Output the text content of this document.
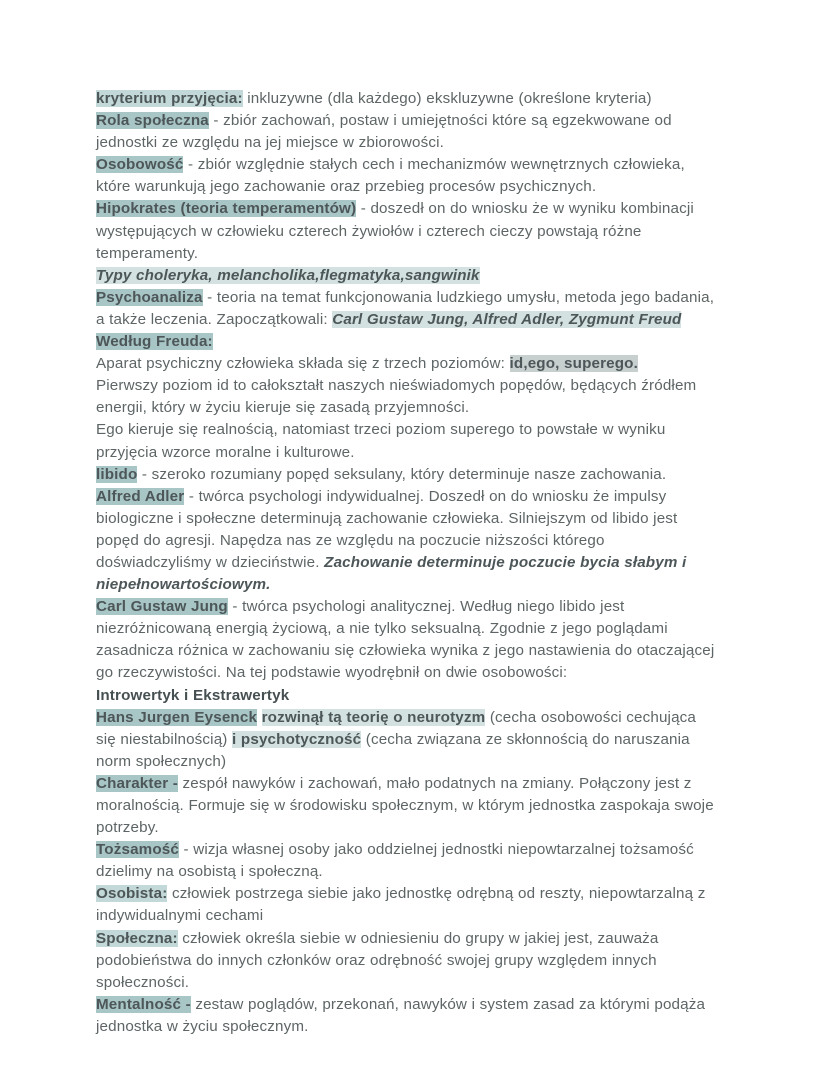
kryterium przyjęcia: inkluzywne (dla każdego) ekskluzywne (określone kryteria)

Rola społeczna - zbiór zachowań, postaw i umiejętności które są egzekwowane od jednostki ze względu na jej miejsce w zbiorowości.

Osobowość - zbiór względnie stałych cech i mechanizmów wewnętrznych człowieka, które warunkują jego zachowanie oraz przebieg procesów psychicznych.

Hipokrates (teoria temperamentów) - doszedł on do wniosku że w wyniku kombinacji występujących w człowieku czterech żywiołów i czterech cieczy powstają różne temperamenty.

Typy choleryka, melancholika,flegmatyka,sangwinik

Psychoanaliza - teoria na temat funkcjonowania ludzkiego umysłu, metoda jego badania, a także leczenia. Zapoczątkowali: Carl Gustaw Jung, Alfred Adler, Zygmunt Freud

Według Freuda:

Aparat psychiczny człowieka składa się z trzech poziomów: id,ego, superego.

Pierwszy poziom id to całokształt naszych nieświadomych popędów, będących źródłem energii, który w życiu kieruje się zasadą przyjemności.

Ego kieruje się realnością, natomiast trzeci poziom superego to powstałe w wyniku przyjęcia wzorce moralne i kulturowe.

libido - szeroko rozumiany popęd seksulany, który determinuje nasze zachowania.

Alfred Adler - twórca psychologi indywidualnej. Doszedł on do wniosku że impulsy biologiczne i społeczne determinują zachowanie człowieka. Silniejszym od libido jest popęd do agresji. Napędza nas ze względu na poczucie niższości którego doświadczyliśmy w dzieciństwie. Zachowanie determinuje poczucie bycia słabym i niepełnowartościowym.

Carl Gustaw Jung - twórca psychologi analitycznej. Według niego libido jest niezróżnicowaną energią życiową, a nie tylko seksualną. Zgodnie z jego poglądami zasadnicza różnica w zachowaniu się człowieka wynika z jego nastawienia do otaczającej go rzeczywistości. Na tej podstawie wyodrębnił on dwie osobowości:

Introwertyk i Ekstrawertyk

Hans Jurgen Eysenck rozwinął tą teorię o neurotyzm (cecha osobowości cechująca się niestabilnością) i psychotyczność (cecha związana ze skłonnością do naruszania norm społecznych)

Charakter - zespół nawyków i zachowań, mało podatnych na zmiany. Połączony jest z moralnością. Formuje się w środowisku społecznym, w którym jednostka zaspokaja swoje potrzeby.

Tożsamość - wizja własnej osoby jako oddzielnej jednostki niepowtarzalnej tożsamość dzielimy na osobistą i społeczną.

Osobista: człowiek postrzega siebie jako jednostkę odrębną od reszty, niepowtarzalną z indywidualnymi cechami

Społeczna: człowiek określa siebie w odniesieniu do grupy w jakiej jest, zauważa podobieństwa do innych członków oraz odrębność swojej grupy względem innych społeczności.

Mentalność - zestaw poglądów, przekonań, nawyków i system zasad za którymi podąża jednostka w życiu społecznym.
